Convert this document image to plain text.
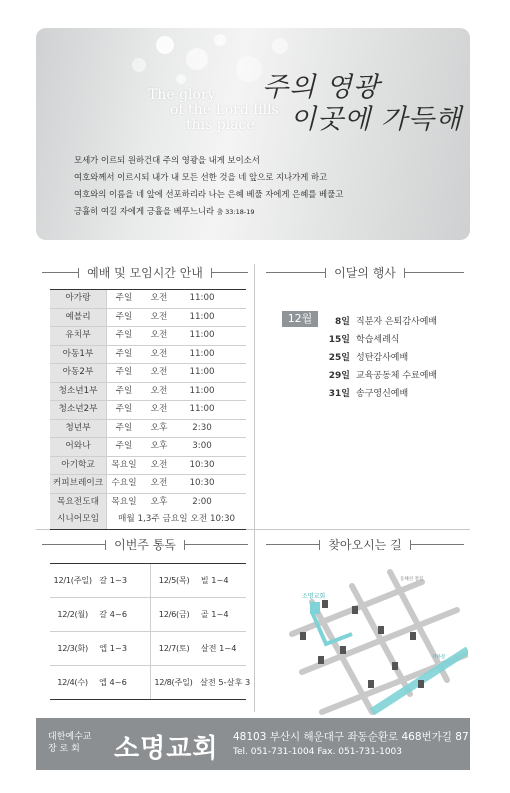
The glory
of the Lord fills
this place
주의 영광
이곳에 가득해
모세가 이르되 원하건대 주의 영광을 내게 보이소서
여호와께서 이르시되 내가 내 모든 선한 것을 네 앞으로 지나가게 하고
여호와의 이름을 네 앞에 선포하리라 나는 은혜 베풀 자에게 은혜를 베풀고
긍휼히 여길 자에게 긍휼을 베푸느니라 출 33:18-19
예배 및 모임시간 안내
아가랑	주일	오전	11:00
예블리	주일	오전	11:00
유치부	주일	오전	11:00
아동1부	주일	오전	11:00
아동2부	주일	오전	11:00
청소년1부	주일	오전	11:00
청소년2부	주일	오전	11:00
청년부	주일	오후	2:30
어와나	주일	오후	3:00
아기학교	목요일	오전	10:30
커피브레이크 수요일	오전	10:30
목요전도대	목요일	오후	2:00
시니어모임	매월 1,3주 금요일 오전 10:30
이달의 행사
12월	8일 직분자 은퇴감사예배
15일 학습세례식
25일 성탄감사예배
29일 교육공동체 수료예배
31일 송구영신예배
이번주 통독
12/1(주일) 갈 1~3	12/5(목)	빌 1~4
12/2(월)	갈 4~6	12/6(금)	골 1~4
12/3(화)	엡 1~3	12/7(토)	살전 1~4
12/4(수)	엡 4~6	12/8(주일) 살전 5-살후 3
찾아오시는 길
소명교회
동해선 철길
지하철
대한예수교
장 로 회	소명교회 48103 부산시 해운대구 좌동순환로 468번가길 87
Tel. 051-731-1004 Fax. 051-731-1003
